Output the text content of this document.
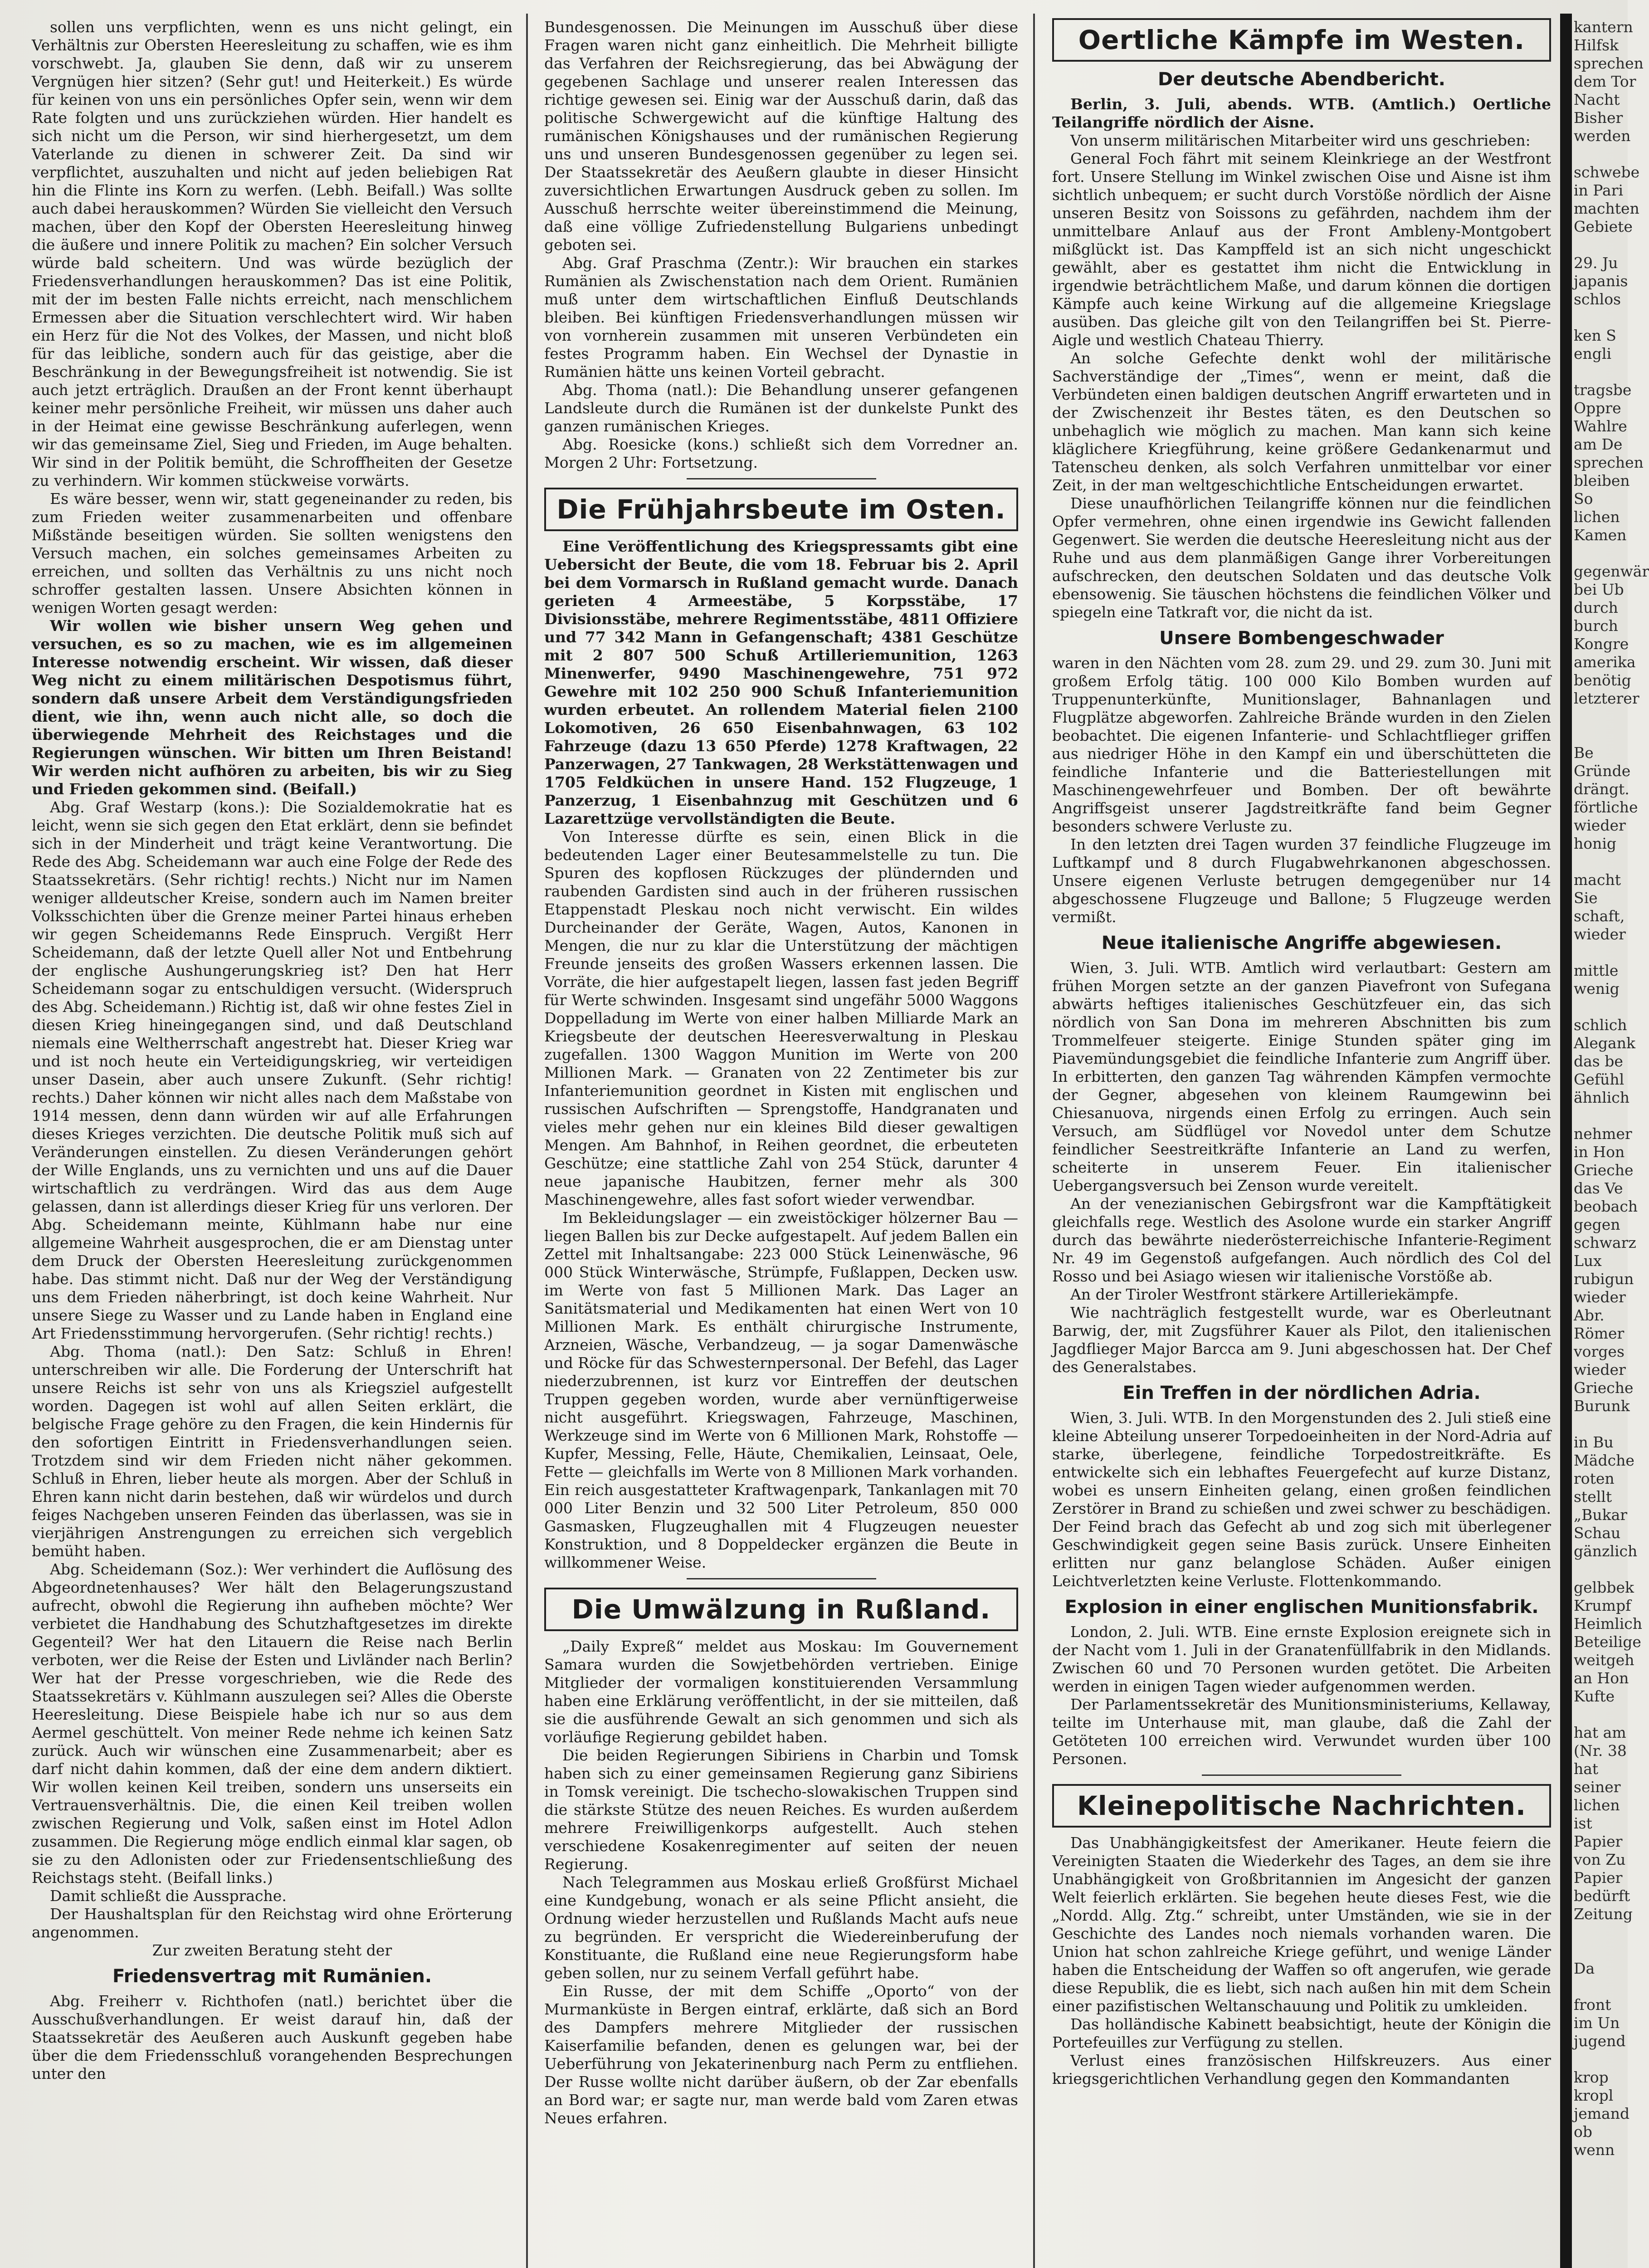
sollen uns verpflichten, wenn es uns nicht gelingt, ein Verhältnis zur Obersten Heeresleitung zu schaffen, wie es ihm vorschwebt. Ja, glauben Sie denn, daß wir zu unserem Vergnügen hier sitzen? (Sehr gut! und Heiterkeit.) Es würde für keinen von uns ein persönliches Opfer sein, wenn wir dem Rate folgten und uns zurückziehen würden. Hier handelt es sich nicht um die Person, wir sind hierhergesetzt, um dem Vaterlande zu dienen in schwerer Zeit. Da sind wir verpflichtet, auszuhalten und nicht auf jeden beliebigen Rat hin die Flinte ins Korn zu werfen. (Lebh. Beifall.) Was sollte auch dabei herauskommen? Würden Sie vielleicht den Versuch machen, über den Kopf der Obersten Heeresleitung hinweg die äußere und innere Politik zu machen? Ein solcher Versuch würde bald scheitern. Und was würde bezüglich der Friedensverhandlungen herauskommen? Das ist eine Politik, mit der im besten Falle nichts erreicht, nach menschlichem Ermessen aber die Situation verschlechtert wird. Wir haben ein Herz für die Not des Volkes, der Massen, und nicht bloß für das leibliche, sondern auch für das geistige, aber die Beschränkung in der Bewegungsfreiheit ist notwendig. Sie ist auch jetzt erträglich. Draußen an der Front kennt überhaupt keiner mehr persönliche Freiheit, wir müssen uns daher auch in der Heimat eine gewisse Beschränkung auferlegen, wenn wir das gemeinsame Ziel, Sieg und Frieden, im Auge behalten. Wir sind in der Politik bemüht, die Schroffheiten der Gesetze zu verhindern. Wir kommen stückweise vorwärts.

Es wäre besser, wenn wir, statt gegeneinander zu reden, bis zum Frieden weiter zusammenarbeiten und offenbare Mißstände beseitigen würden. Sie sollten wenigstens den Versuch machen, ein solches gemeinsames Arbeiten zu erreichen, und sollten das Verhältnis zu uns nicht noch schroffer gestalten lassen. Unsere Absichten können in wenigen Worten gesagt werden:

Wir wollen wie bisher unsern Weg gehen und versuchen, es so zu machen, wie es im allgemeinen Interesse notwendig erscheint. Wir wissen, daß dieser Weg nicht zu einem militärischen Despotismus führt, sondern daß unsere Arbeit dem Verständigungsfrieden dient, wie ihn, wenn auch nicht alle, so doch die überwiegende Mehrheit des Reichstages und die Regierungen wünschen. Wir bitten um Ihren Beistand! Wir werden nicht aufhören zu arbeiten, bis wir zu Sieg und Frieden gekommen sind. (Beifall.)

Abg. Graf Westarp (kons.): Die Sozialdemokratie hat es leicht, wenn sie sich gegen den Etat erklärt, denn sie befindet sich in der Minderheit und trägt keine Verantwortung. Die Rede des Abg. Scheidemann war auch eine Folge der Rede des Staatssekretärs. (Sehr richtig! rechts.) Nicht nur im Namen weniger alldeutscher Kreise, sondern auch im Namen breiter Volksschichten über die Grenze meiner Partei hinaus erheben wir gegen Scheidemanns Rede Einspruch. Vergißt Herr Scheidemann, daß der letzte Quell aller Not und Entbehrung der englische Aushungerungskrieg ist? Den hat Herr Scheidemann sogar zu entschuldigen versucht. (Widerspruch des Abg. Scheidemann.) Richtig ist, daß wir ohne festes Ziel in diesen Krieg hineingegangen sind, und daß Deutschland niemals eine Weltherrschaft angestrebt hat. Dieser Krieg war und ist noch heute ein Verteidigungskrieg, wir verteidigen unser Dasein, aber auch unsere Zukunft. (Sehr richtig! rechts.) Daher können wir nicht alles nach dem Maßstabe von 1914 messen, denn dann würden wir auf alle Erfahrungen dieses Krieges verzichten. Die deutsche Politik muß sich auf Veränderungen einstellen. Zu diesen Veränderungen gehört der Wille Englands, uns zu vernichten und uns auf die Dauer wirtschaftlich zu verdrängen. Wird das aus dem Auge gelassen, dann ist allerdings dieser Krieg für uns verloren. Der Abg. Scheidemann meinte, Kühlmann habe nur eine allgemeine Wahrheit ausgesprochen, die er am Dienstag unter dem Druck der Obersten Heeresleitung zurückgenommen habe. Das stimmt nicht. Daß nur der Weg der Verständigung uns dem Frieden näherbringt, ist doch keine Wahrheit. Nur unsere Siege zu Wasser und zu Lande haben in England eine Art Friedensstimmung hervorgerufen. (Sehr richtig! rechts.)

Abg. Thoma (natl.): Den Satz: Schluß in Ehren! unterschreiben wir alle. Die Forderung der Unterschrift hat unsere Reichs ist sehr von uns als Kriegsziel aufgestellt worden. Dagegen ist wohl auf allen Seiten erklärt, die belgische Frage gehöre zu den Fragen, die kein Hindernis für den sofortigen Eintritt in Friedensverhandlungen seien. Trotzdem sind wir dem Frieden nicht näher gekommen. Schluß in Ehren, lieber heute als morgen. Aber der Schluß in Ehren kann nicht darin bestehen, daß wir würdelos und durch feiges Nachgeben unseren Feinden das überlassen, was sie in vierjährigen Anstrengungen zu erreichen sich vergeblich bemüht haben.

Abg. Scheidemann (Soz.): Wer verhindert die Auflösung des Abgeordnetenhauses? Wer hält den Belagerungszustand aufrecht, obwohl die Regierung ihn aufheben möchte? Wer verbietet die Handhabung des Schutzhaftgesetzes im direkte Gegenteil? Wer hat den Litauern die Reise nach Berlin verboten, wer die Reise der Esten und Livländer nach Berlin? Wer hat der Presse vorgeschrieben, wie die Rede des Staatssekretärs v. Kühlmann auszulegen sei? Alles die Oberste Heeresleitung. Diese Beispiele habe ich nur so aus dem Aermel geschüttelt. Von meiner Rede nehme ich keinen Satz zurück. Auch wir wünschen eine Zusammenarbeit; aber es darf nicht dahin kommen, daß der eine dem andern diktiert. Wir wollen keinen Keil treiben, sondern uns unserseits ein Vertrauensverhältnis. Die, die einen Keil treiben wollen zwischen Regierung und Volk, saßen einst im Hotel Adlon zusammen. Die Regierung möge endlich einmal klar sagen, ob sie zu den Adlonisten oder zur Friedensentschließung des Reichstags steht. (Beifall links.)

Damit schließt die Aussprache.

Der Haushaltsplan für den Reichstag wird ohne Erörterung angenommen.

Zur zweiten Beratung steht der

Friedensvertrag mit Rumänien.

Abg. Freiherr v. Richthofen (natl.) berichtet über die Ausschußverhandlungen. Er weist darauf hin, daß der Staatssekretär des Aeußeren auch Auskunft gegeben habe über die dem Friedensschluß vorangehenden Besprechungen unter den

Bundesgenossen. Die Meinungen im Ausschuß über diese Fragen waren nicht ganz einheitlich. Die Mehrheit billigte das Verfahren der Reichsregierung, das bei Abwägung der gegebenen Sachlage und unserer realen Interessen das richtige gewesen sei. Einig war der Ausschuß darin, daß das politische Schwergewicht auf die künftige Haltung des rumänischen Königshauses und der rumänischen Regierung uns und unseren Bundesgenossen gegenüber zu legen sei. Der Staatssekretär des Aeußern glaubte in dieser Hinsicht zuversichtlichen Erwartungen Ausdruck geben zu sollen. Im Ausschuß herrschte weiter übereinstimmend die Meinung, daß eine völlige Zufriedenstellung Bulgariens unbedingt geboten sei.

Abg. Graf Praschma (Zentr.): Wir brauchen ein starkes Rumänien als Zwischenstation nach dem Orient. Rumänien muß unter dem wirtschaftlichen Einfluß Deutschlands bleiben. Bei künftigen Friedensverhandlungen müssen wir von vornherein zusammen mit unseren Verbündeten ein festes Programm haben. Ein Wechsel der Dynastie in Rumänien hätte uns keinen Vorteil gebracht.

Abg. Thoma (natl.): Die Behandlung unserer gefangenen Landsleute durch die Rumänen ist der dunkelste Punkt des ganzen rumänischen Krieges.

Abg. Roesicke (kons.) schließt sich dem Vorredner an. Morgen 2 Uhr: Fortsetzung.

Die Frühjahrsbeute im Osten.

Eine Veröffentlichung des Kriegspressamts gibt eine Uebersicht der Beute, die vom 18. Februar bis 2. April bei dem Vormarsch in Rußland gemacht wurde. Danach gerieten 4 Armeestäbe, 5 Korpsstäbe, 17 Divisionsstäbe, mehrere Regimentsstäbe, 4811 Offiziere und 77 342 Mann in Gefangenschaft; 4381 Geschütze mit 2 807 500 Schuß Artilleriemunition, 1263 Minenwerfer, 9490 Maschinengewehre, 751 972 Gewehre mit 102 250 900 Schuß Infanteriemunition wurden erbeutet. An rollendem Material fielen 2100 Lokomotiven, 26 650 Eisenbahnwagen, 63 102 Fahrzeuge (dazu 13 650 Pferde) 1278 Kraftwagen, 22 Panzerwagen, 27 Tankwagen, 28 Werkstättenwagen und 1705 Feldküchen in unsere Hand. 152 Flugzeuge, 1 Panzerzug, 1 Eisenbahnzug mit Geschützen und 6 Lazarettzüge vervollständigten die Beute.

Von Interesse dürfte es sein, einen Blick in die bedeutenden Lager einer Beutesammelstelle zu tun. Die Spuren des kopflosen Rückzuges der plündernden und raubenden Gardisten sind auch in der früheren russischen Etappenstadt Pleskau noch nicht verwischt. Ein wildes Durcheinander der Geräte, Wagen, Autos, Kanonen in Mengen, die nur zu klar die Unterstützung der mächtigen Freunde jenseits des großen Wassers erkennen lassen. Die Vorräte, die hier aufgestapelt liegen, lassen fast jeden Begriff für Werte schwinden. Insgesamt sind ungefähr 5000 Waggons Doppelladung im Werte von einer halben Milliarde Mark an Kriegsbeute der deutschen Heeresverwaltung in Pleskau zugefallen. 1300 Waggon Munition im Werte von 200 Millionen Mark. — Granaten von 22 Zentimeter bis zur Infanteriemunition geordnet in Kisten mit englischen und russischen Aufschriften — Sprengstoffe, Handgranaten und vieles mehr gehen nur ein kleines Bild dieser gewaltigen Mengen. Am Bahnhof, in Reihen geordnet, die erbeuteten Geschütze; eine stattliche Zahl von 254 Stück, darunter 4 neue japanische Haubitzen, ferner mehr als 300 Maschinengewehre, alles fast sofort wieder verwendbar.

Im Bekleidungslager — ein zweistöckiger hölzerner Bau — liegen Ballen bis zur Decke aufgestapelt. Auf jedem Ballen ein Zettel mit Inhaltsangabe: 223 000 Stück Leinenwäsche, 96 000 Stück Winterwäsche, Strümpfe, Fußlappen, Decken usw. im Werte von fast 5 Millionen Mark. Das Lager an Sanitätsmaterial und Medikamenten hat einen Wert von 10 Millionen Mark. Es enthält chirurgische Instrumente, Arzneien, Wäsche, Verbandzeug, — ja sogar Damenwäsche und Röcke für das Schwesternpersonal. Der Befehl, das Lager niederzubrennen, ist kurz vor Eintreffen der deutschen Truppen gegeben worden, wurde aber vernünftigerweise nicht ausgeführt. Kriegswagen, Fahrzeuge, Maschinen, Werkzeuge sind im Werte von 6 Millionen Mark, Rohstoffe — Kupfer, Messing, Felle, Häute, Chemikalien, Leinsaat, Oele, Fette — gleichfalls im Werte von 8 Millionen Mark vorhanden. Ein reich ausgestatteter Kraftwagenpark, Tankanlagen mit 70 000 Liter Benzin und 32 500 Liter Petroleum, 850 000 Gasmasken, Flugzeughallen mit 4 Flugzeugen neuester Konstruktion, und 8 Doppeldecker ergänzen die Beute in willkommener Weise.

Die Umwälzung in Rußland.

„Daily Expreß“ meldet aus Moskau: Im Gouvernement Samara wurden die Sowjetbehörden vertrieben. Einige Mitglieder der vormaligen konstituierenden Versammlung haben eine Erklärung veröffentlicht, in der sie mitteilen, daß sie die ausführende Gewalt an sich genommen und sich als vorläufige Regierung gebildet haben.

Die beiden Regierungen Sibiriens in Charbin und Tomsk haben sich zu einer gemeinsamen Regierung ganz Sibiriens in Tomsk vereinigt. Die tschecho-slowakischen Truppen sind die stärkste Stütze des neuen Reiches. Es wurden außerdem mehrere Freiwilligenkorps aufgestellt. Auch stehen verschiedene Kosakenregimenter auf seiten der neuen Regierung.

Nach Telegrammen aus Moskau erließ Großfürst Michael eine Kundgebung, wonach er als seine Pflicht ansieht, die Ordnung wieder herzustellen und Rußlands Macht aufs neue zu begründen. Er verspricht die Wiedereinberufung der Konstituante, die Rußland eine neue Regierungsform habe geben sollen, nur zu seinem Verfall geführt habe.

Ein Russe, der mit dem Schiffe „Oporto“ von der Murmanküste in Bergen eintraf, erklärte, daß sich an Bord des Dampfers mehrere Mitglieder der russischen Kaiserfamilie befanden, denen es gelungen war, bei der Ueberführung von Jekaterinenburg nach Perm zu entfliehen. Der Russe wollte nicht darüber äußern, ob der Zar ebenfalls an Bord war; er sagte nur, man werde bald vom Zaren etwas Neues erfahren.

Oertliche Kämpfe im Westen.
Der deutsche Abendbericht.

Berlin, 3. Juli, abends. WTB. (Amtlich.) Oertliche Teilangriffe nördlich der Aisne.

Von unserm militärischen Mitarbeiter wird uns geschrieben:

General Foch fährt mit seinem Kleinkriege an der Westfront fort. Unsere Stellung im Winkel zwischen Oise und Aisne ist ihm sichtlich unbequem; er sucht durch Vorstöße nördlich der Aisne unseren Besitz von Soissons zu gefährden, nachdem ihm der unmittelbare Anlauf aus der Front Ambleny-Montgobert mißglückt ist. Das Kampffeld ist an sich nicht ungeschickt gewählt, aber es gestattet ihm nicht die Entwicklung in irgendwie beträchtlichem Maße, und darum können die dortigen Kämpfe auch keine Wirkung auf die allgemeine Kriegslage ausüben. Das gleiche gilt von den Teilangriffen bei St. Pierre-Aigle und westlich Chateau Thierry.

An solche Gefechte denkt wohl der militärische Sachverständige der „Times“, wenn er meint, daß die Verbündeten einen baldigen deutschen Angriff erwarteten und in der Zwischenzeit ihr Bestes täten, es den Deutschen so unbehaglich wie möglich zu machen. Man kann sich keine kläglichere Kriegführung, keine größere Gedankenarmut und Tatenscheu denken, als solch Verfahren unmittelbar vor einer Zeit, in der man weltgeschichtliche Entscheidungen erwartet.

Diese unaufhörlichen Teilangriffe können nur die feindlichen Opfer vermehren, ohne einen irgendwie ins Gewicht fallenden Gegenwert. Sie werden die deutsche Heeresleitung nicht aus der Ruhe und aus dem planmäßigen Gange ihrer Vorbereitungen aufschrecken, den deutschen Soldaten und das deutsche Volk ebensowenig. Sie täuschen höchstens die feindlichen Völker und spiegeln eine Tatkraft vor, die nicht da ist.

Unsere Bombengeschwader

waren in den Nächten vom 28. zum 29. und 29. zum 30. Juni mit großem Erfolg tätig. 100 000 Kilo Bomben wurden auf Truppenunterkünfte, Munitionslager, Bahnanlagen und Flugplätze abgeworfen. Zahlreiche Brände wurden in den Zielen beobachtet. Die eigenen Infanterie- und Schlachtflieger griffen aus niedriger Höhe in den Kampf ein und überschütteten die feindliche Infanterie und die Batteriestellungen mit Maschinengewehrfeuer und Bomben. Der oft bewährte Angriffsgeist unserer Jagdstreitkräfte fand beim Gegner besonders schwere Verluste zu.

In den letzten drei Tagen wurden 37 feindliche Flugzeuge im Luftkampf und 8 durch Flugabwehrkanonen abgeschossen. Unsere eigenen Verluste betrugen demgegenüber nur 14 abgeschossene Flugzeuge und Ballone; 5 Flugzeuge werden vermißt.

Neue italienische Angriffe abgewiesen.

Wien, 3. Juli. WTB. Amtlich wird verlautbart: Gestern am frühen Morgen setzte an der ganzen Piavefront von Sufegana abwärts heftiges italienisches Geschützfeuer ein, das sich nördlich von San Dona im mehreren Abschnitten bis zum Trommelfeuer steigerte. Einige Stunden später ging im Piavemündungsgebiet die feindliche Infanterie zum Angriff über. In erbitterten, den ganzen Tag währenden Kämpfen vermochte der Gegner, abgesehen von kleinem Raumgewinn bei Chiesanuova, nirgends einen Erfolg zu erringen. Auch sein Versuch, am Südflügel vor Novedol unter dem Schutze feindlicher Seestreitkräfte Infanterie an Land zu werfen, scheiterte in unserem Feuer. Ein italienischer Uebergangsversuch bei Zenson wurde vereitelt.

An der venezianischen Gebirgsfront war die Kampftätigkeit gleichfalls rege. Westlich des Asolone wurde ein starker Angriff durch das bewährte niederösterreichische Infanterie-Regiment Nr. 49 im Gegenstoß aufgefangen. Auch nördlich des Col del Rosso und bei Asiago wiesen wir italienische Vorstöße ab.

An der Tiroler Westfront stärkere Artilleriekämpfe.

Wie nachträglich festgestellt wurde, war es Oberleutnant Barwig, der, mit Zugsführer Kauer als Pilot, den italienischen Jagdflieger Major Barcca am 9. Juni abgeschossen hat. Der Chef des Generalstabes.

Ein Treffen in der nördlichen Adria.

Wien, 3. Juli. WTB. In den Morgenstunden des 2. Juli stieß eine kleine Abteilung unserer Torpedoeinheiten in der Nord-Adria auf starke, überlegene, feindliche Torpedostreitkräfte. Es entwickelte sich ein lebhaftes Feuergefecht auf kurze Distanz, wobei es unsern Einheiten gelang, einen großen feindlichen Zerstörer in Brand zu schießen und zwei schwer zu beschädigen. Der Feind brach das Gefecht ab und zog sich mit überlegener Geschwindigkeit gegen seine Basis zurück. Unsere Einheiten erlitten nur ganz belanglose Schäden. Außer einigen Leichtverletzten keine Verluste. Flottenkommando.

Explosion in einer englischen Munitionsfabrik.

London, 2. Juli. WTB. Eine ernste Explosion ereignete sich in der Nacht vom 1. Juli in der Granatenfüllfabrik in den Midlands. Zwischen 60 und 70 Personen wurden getötet. Die Arbeiten werden in einigen Tagen wieder aufgenommen werden.

Der Parlamentssekretär des Munitionsministeriums, Kellaway, teilte im Unterhause mit, man glaube, daß die Zahl der Getöteten 100 erreichen wird. Verwundet wurden über 100 Personen.

Kleinepolitische Nachrichten.

Das Unabhängigkeitsfest der Amerikaner. Heute feiern die Vereinigten Staaten die Wiederkehr des Tages, an dem sie ihre Unabhängigkeit von Großbritannien im Angesicht der ganzen Welt feierlich erklärten. Sie begehen heute dieses Fest, wie die „Nordd. Allg. Ztg.“ schreibt, unter Umständen, wie sie in der Geschichte des Landes noch niemals vorhanden waren. Die Union hat schon zahlreiche Kriege geführt, und wenige Länder haben die Entscheidung der Waffen so oft angerufen, wie gerade diese Republik, die es liebt, sich nach außen hin mit dem Schein einer pazifistischen Weltanschauung und Politik zu umkleiden.

Das holländische Kabinett beabsichtigt, heute der Königin die Portefeuilles zur Verfügung zu stellen.

Verlust eines französischen Hilfskreuzers. Aus einer kriegsgerichtlichen Verhandlung gegen den Kommandanten

kantern
Hilfsk
sprechen
dem Tor
Nacht
Bisher
werden
schwebe
in Pari
machten
Gebiete
29. Ju
japanis
schlos
ken S
engli
tragsbe
Oppre
Wahlre
am De
sprechen
bleiben
So
lichen
Kamen
gegenwär
bei Ub
durch
burch
Kongre
amerika
benötig
letzterer
Be
Gründe
drängt.
förtliche
wieder
honig
macht
Sie
schaft,
wieder
mittle
wenig
schlich
Alegank
das be
Gefühl
ähnlich
nehmer
in Hon
Grieche
das Ve
beobach
gegen
schwarz
Lux
rubigun
wieder
Abr.
Römer
vorges
wieder
Grieche
Burunk
in Bu
Mädche
roten
stellt
„Bukar
Schau
gänzlich
gelbbek
Krumpf
Heimlich
Beteilige
weitgeh
an Hon
Kufte
hat am
(Nr. 38
hat
seiner
lichen
ist
Papier
von Zu
Papier
bedürft
Zeitung
Da
front
im Un
jugend
krop
kropl
jemand
ob
wenn
